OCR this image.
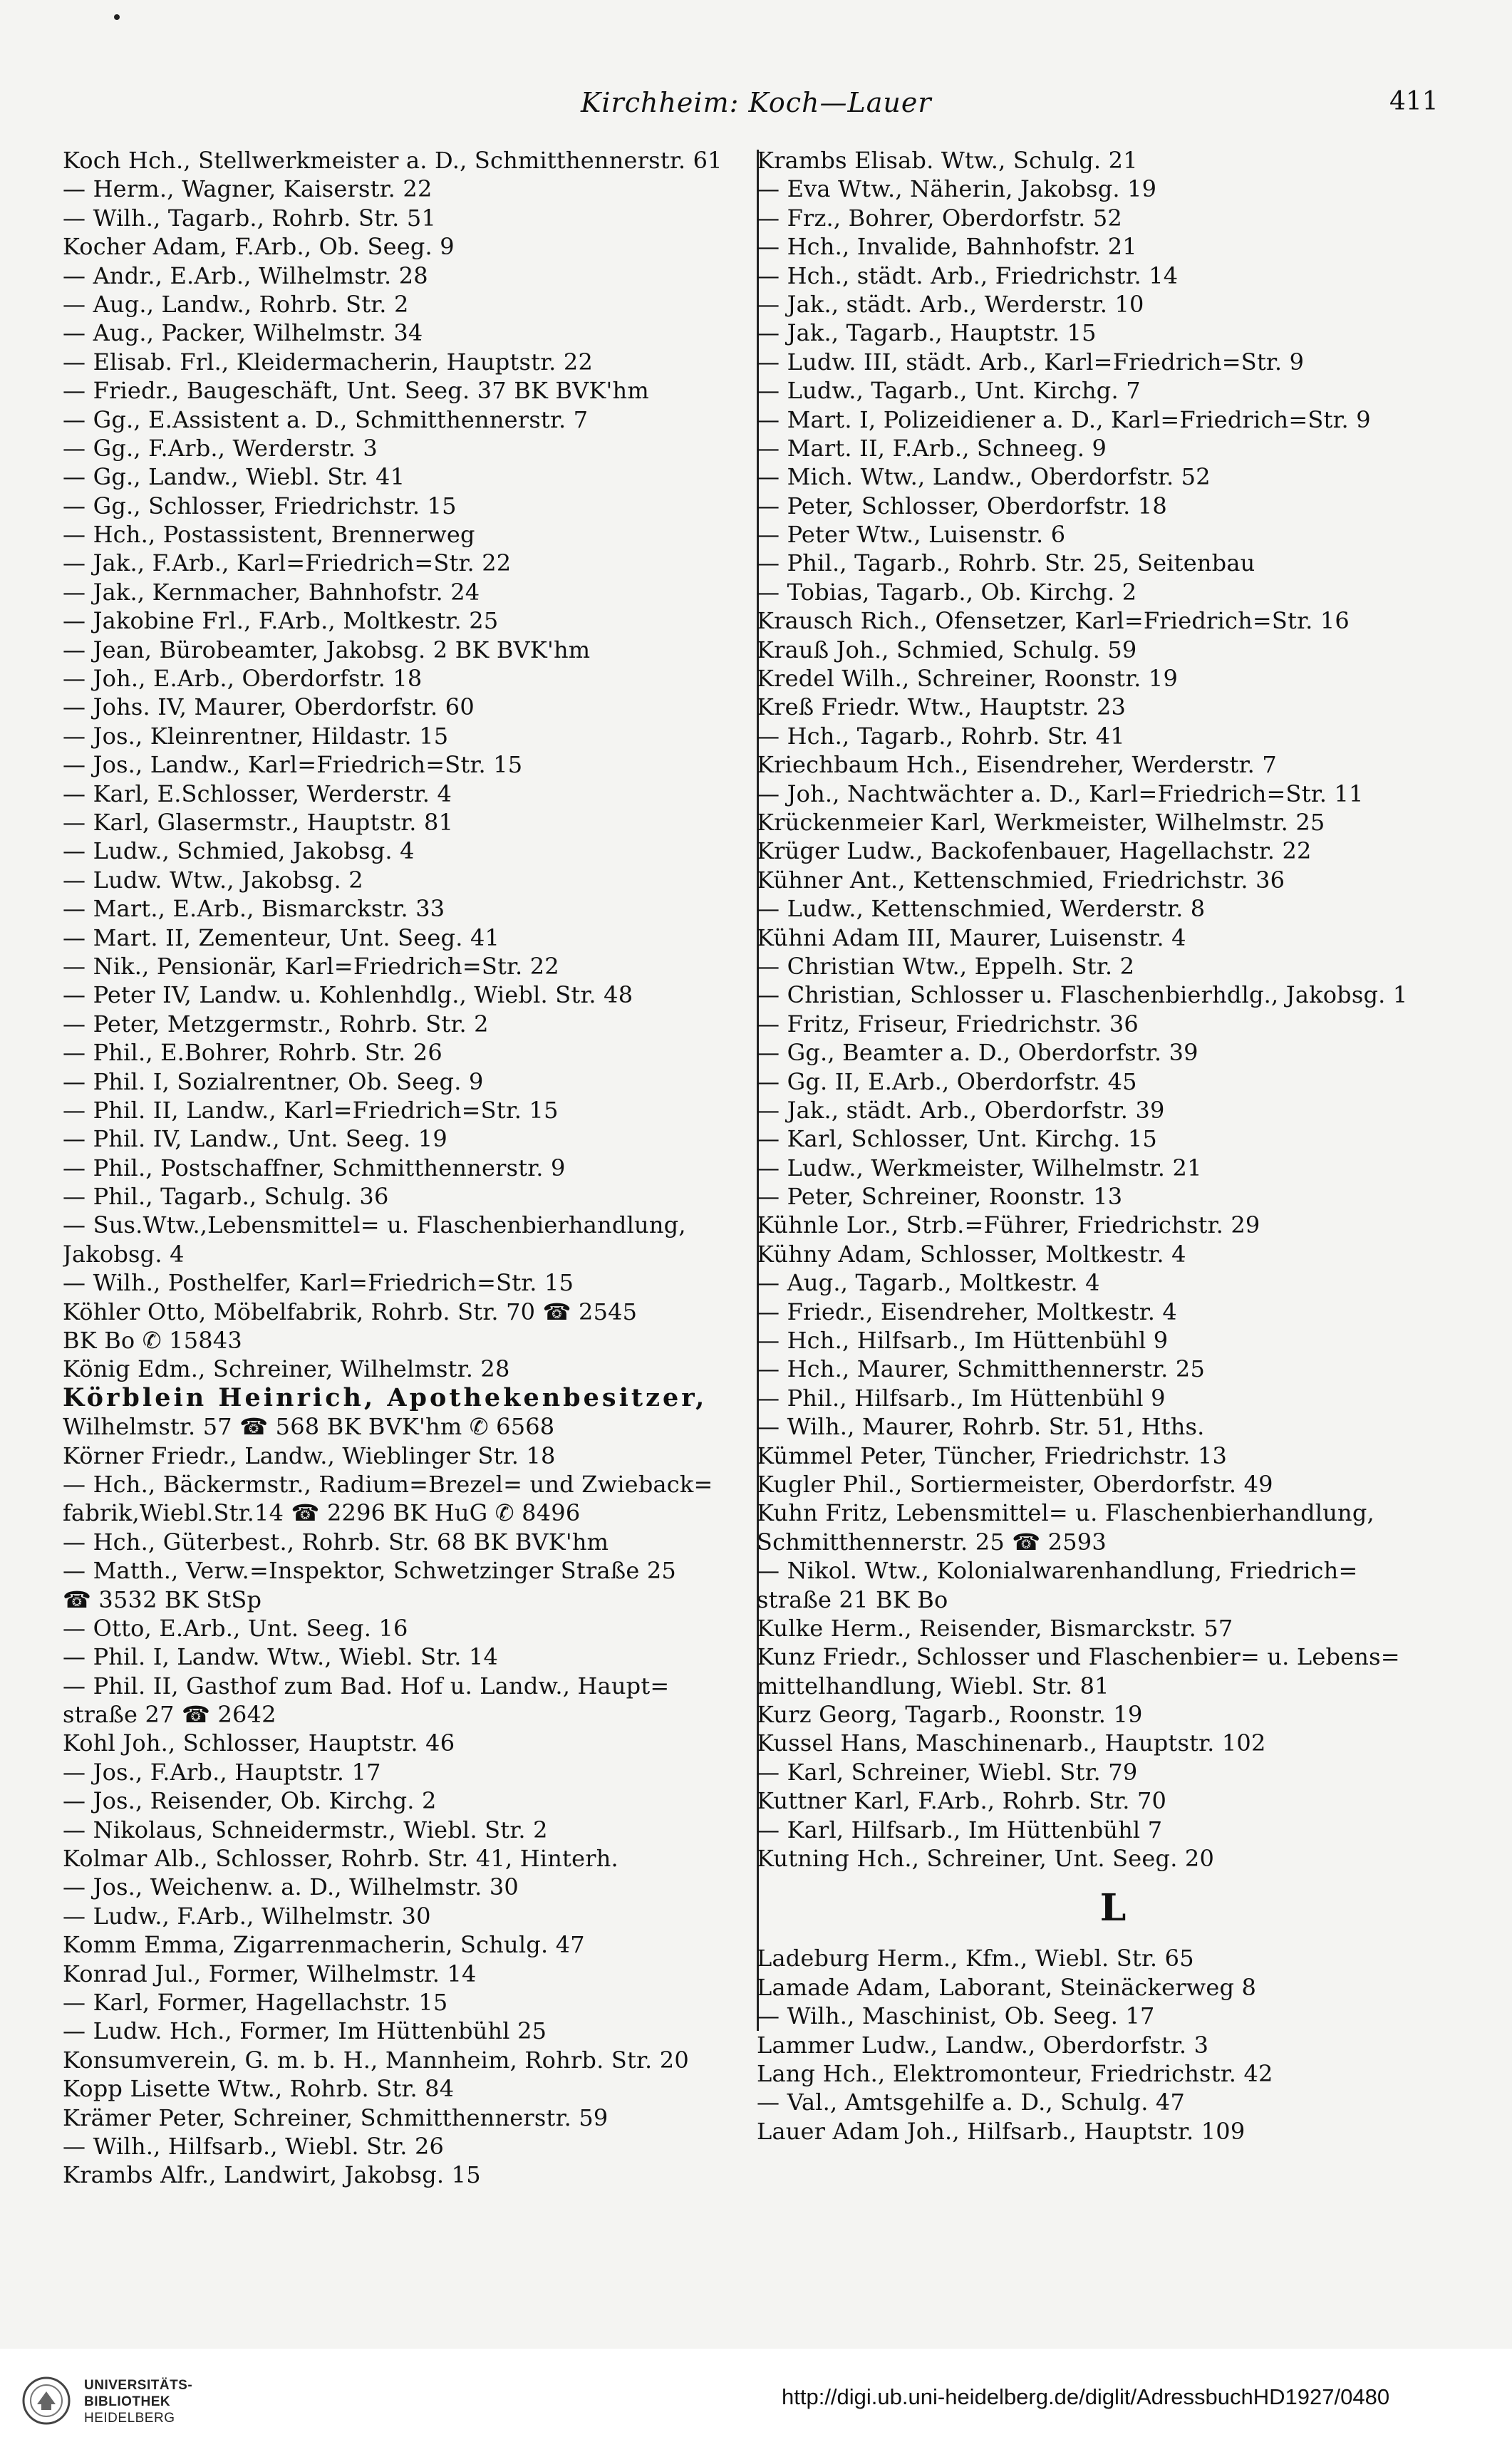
Kirchheim: Koch—Lauer	411
Koch Hch., Stellwerkmeister a. D., Schmitthennerstr. 61
— Herm., Wagner, Kaiserstr. 22
— Wilh., Tagarb., Rohrb. Str. 51
Kocher Adam, F.Arb., Ob. Seeg. 9
— Andr., E.Arb., Wilhelmstr. 28
— Aug., Landw., Rohrb. Str. 2
— Aug., Packer, Wilhelmstr. 34
— Elisab. Frl., Kleidermacherin, Hauptstr. 22
— Friedr., Baugeschäft, Unt. Seeg. 37 BK BVK'hm
— Gg., E.Assistent a. D., Schmitthennerstr. 7
— Gg., F.Arb., Werderstr. 3
— Gg., Landw., Wiebl. Str. 41
— Gg., Schlosser, Friedrichstr. 15
— Hch., Postassistent, Brennerweg
— Jak., F.Arb., Karl=Friedrich=Str. 22
— Jak., Kernmacher, Bahnhofstr. 24
— Jakobine Frl., F.Arb., Moltkestr. 25
— Jean, Bürobeamter, Jakobsg. 2 BK BVK'hm
— Joh., E.Arb., Oberdorfstr. 18
— Johs. IV, Maurer, Oberdorfstr. 60
— Jos., Kleinrentner, Hildastr. 15
— Jos., Landw., Karl=Friedrich=Str. 15
— Karl, E.Schlosser, Werderstr. 4
— Karl, Glasermstr., Hauptstr. 81
— Ludw., Schmied, Jakobsg. 4
— Ludw. Wtw., Jakobsg. 2
— Mart., E.Arb., Bismarckstr. 33
— Mart. II, Zementeur, Unt. Seeg. 41
— Nik., Pensionär, Karl=Friedrich=Str. 22
— Peter IV, Landw. u. Kohlenhdlg., Wiebl. Str. 48
— Peter, Metzgermstr., Rohrb. Str. 2
— Phil., E.Bohrer, Rohrb. Str. 26
— Phil. I, Sozialrentner, Ob. Seeg. 9
— Phil. II, Landw., Karl=Friedrich=Str. 15
— Phil. IV, Landw., Unt. Seeg. 19
— Phil., Postschaffner, Schmitthennerstr. 9
— Phil., Tagarb., Schulg. 36
— Sus.Wtw.,Lebensmittel= u. Flaschenbierhandlung,
Jakobsg. 4
— Wilh., Posthelfer, Karl=Friedrich=Str. 15
Köhler Otto, Möbelfabrik, Rohrb. Str. 70 ☎ 2545
BK Bo ✆ 15843
König Edm., Schreiner, Wilhelmstr. 28
Körblein Heinrich, Apothekenbesitzer,
Wilhelmstr. 57 ☎ 568 BK BVK'hm ✆ 6568
Körner Friedr., Landw., Wieblinger Str. 18
— Hch., Bäckermstr., Radium=Brezel= und Zwieback=
fabrik,Wiebl.Str.14 ☎ 2296 BK HuG ✆ 8496
— Hch., Güterbest., Rohrb. Str. 68 BK BVK'hm
— Matth., Verw.=Inspektor, Schwetzinger Straße 25
☎ 3532 BK StSp
— Otto, E.Arb., Unt. Seeg. 16
— Phil. I, Landw. Wtw., Wiebl. Str. 14
— Phil. II, Gasthof zum Bad. Hof u. Landw., Haupt=
straße 27 ☎ 2642
Kohl Joh., Schlosser, Hauptstr. 46
— Jos., F.Arb., Hauptstr. 17
— Jos., Reisender, Ob. Kirchg. 2
— Nikolaus, Schneidermstr., Wiebl. Str. 2
Kolmar Alb., Schlosser, Rohrb. Str. 41, Hinterh.
— Jos., Weichenw. a. D., Wilhelmstr. 30
— Ludw., F.Arb., Wilhelmstr. 30
Komm Emma, Zigarrenmacherin, Schulg. 47
Konrad Jul., Former, Wilhelmstr. 14
— Karl, Former, Hagellachstr. 15
— Ludw. Hch., Former, Im Hüttenbühl 25
Konsumverein, G. m. b. H., Mannheim, Rohrb. Str. 20
Kopp Lisette Wtw., Rohrb. Str. 84
Krämer Peter, Schreiner, Schmitthennerstr. 59
— Wilh., Hilfsarb., Wiebl. Str. 26
Krambs Alfr., Landwirt, Jakobsg. 15
Krambs Elisab. Wtw., Schulg. 21
— Eva Wtw., Näherin, Jakobsg. 19
— Frz., Bohrer, Oberdorfstr. 52
— Hch., Invalide, Bahnhofstr. 21
— Hch., städt. Arb., Friedrichstr. 14
— Jak., städt. Arb., Werderstr. 10
— Jak., Tagarb., Hauptstr. 15
— Ludw. III, städt. Arb., Karl=Friedrich=Str. 9
— Ludw., Tagarb., Unt. Kirchg. 7
— Mart. I, Polizeidiener a. D., Karl=Friedrich=Str. 9
— Mart. II, F.Arb., Schneeg. 9
— Mich. Wtw., Landw., Oberdorfstr. 52
— Peter, Schlosser, Oberdorfstr. 18
— Peter Wtw., Luisenstr. 6
— Phil., Tagarb., Rohrb. Str. 25, Seitenbau
— Tobias, Tagarb., Ob. Kirchg. 2
Krausch Rich., Ofensetzer, Karl=Friedrich=Str. 16
Krauß Joh., Schmied, Schulg. 59
Kredel Wilh., Schreiner, Roonstr. 19
Kreß Friedr. Wtw., Hauptstr. 23
— Hch., Tagarb., Rohrb. Str. 41
Kriechbaum Hch., Eisendreher, Werderstr. 7
— Joh., Nachtwächter a. D., Karl=Friedrich=Str. 11
Krückenmeier Karl, Werkmeister, Wilhelmstr. 25
Krüger Ludw., Backofenbauer, Hagellachstr. 22
Kühner Ant., Kettenschmied, Friedrichstr. 36
— Ludw., Kettenschmied, Werderstr. 8
Kühni Adam III, Maurer, Luisenstr. 4
— Christian Wtw., Eppelh. Str. 2
— Christian, Schlosser u. Flaschenbierhdlg., Jakobsg. 1
— Fritz, Friseur, Friedrichstr. 36
— Gg., Beamter a. D., Oberdorfstr. 39
— Gg. II, E.Arb., Oberdorfstr. 45
— Jak., städt. Arb., Oberdorfstr. 39
— Karl, Schlosser, Unt. Kirchg. 15
— Ludw., Werkmeister, Wilhelmstr. 21
— Peter, Schreiner, Roonstr. 13
Kühnle Lor., Strb.=Führer, Friedrichstr. 29
Kühny Adam, Schlosser, Moltkestr. 4
— Aug., Tagarb., Moltkestr. 4
— Friedr., Eisendreher, Moltkestr. 4
— Hch., Hilfsarb., Im Hüttenbühl 9
— Hch., Maurer, Schmitthennerstr. 25
— Phil., Hilfsarb., Im Hüttenbühl 9
— Wilh., Maurer, Rohrb. Str. 51, Hths.
Kümmel Peter, Tüncher, Friedrichstr. 13
Kugler Phil., Sortiermeister, Oberdorfstr. 49
Kuhn Fritz, Lebensmittel= u. Flaschenbierhandlung,
Schmitthennerstr. 25 ☎ 2593
— Nikol. Wtw., Kolonialwarenhandlung, Friedrich=
straße 21 BK Bo
Kulke Herm., Reisender, Bismarckstr. 57
Kunz Friedr., Schlosser und Flaschenbier= u. Lebens=
mittelhandlung, Wiebl. Str. 81
Kurz Georg, Tagarb., Roonstr. 19
Kussel Hans, Maschinenarb., Hauptstr. 102
— Karl, Schreiner, Wiebl. Str. 79
Kuttner Karl, F.Arb., Rohrb. Str. 70
— Karl, Hilfsarb., Im Hüttenbühl 7
Kutning Hch., Schreiner, Unt. Seeg. 20
L
Ladeburg Herm., Kfm., Wiebl. Str. 65
Lamade Adam, Laborant, Steinäckerweg 8
— Wilh., Maschinist, Ob. Seeg. 17
Lammer Ludw., Landw., Oberdorfstr. 3
Lang Hch., Elektromonteur, Friedrichstr. 42
— Val., Amtsgehilfe a. D., Schulg. 47
Lauer Adam Joh., Hilfsarb., Hauptstr. 109
UNIVERSITÄTS-
BIBLIOTHEK
HEIDELBERG
http://digi.ub.uni-heidelberg.de/diglit/AdressbuchHD1927/0480
